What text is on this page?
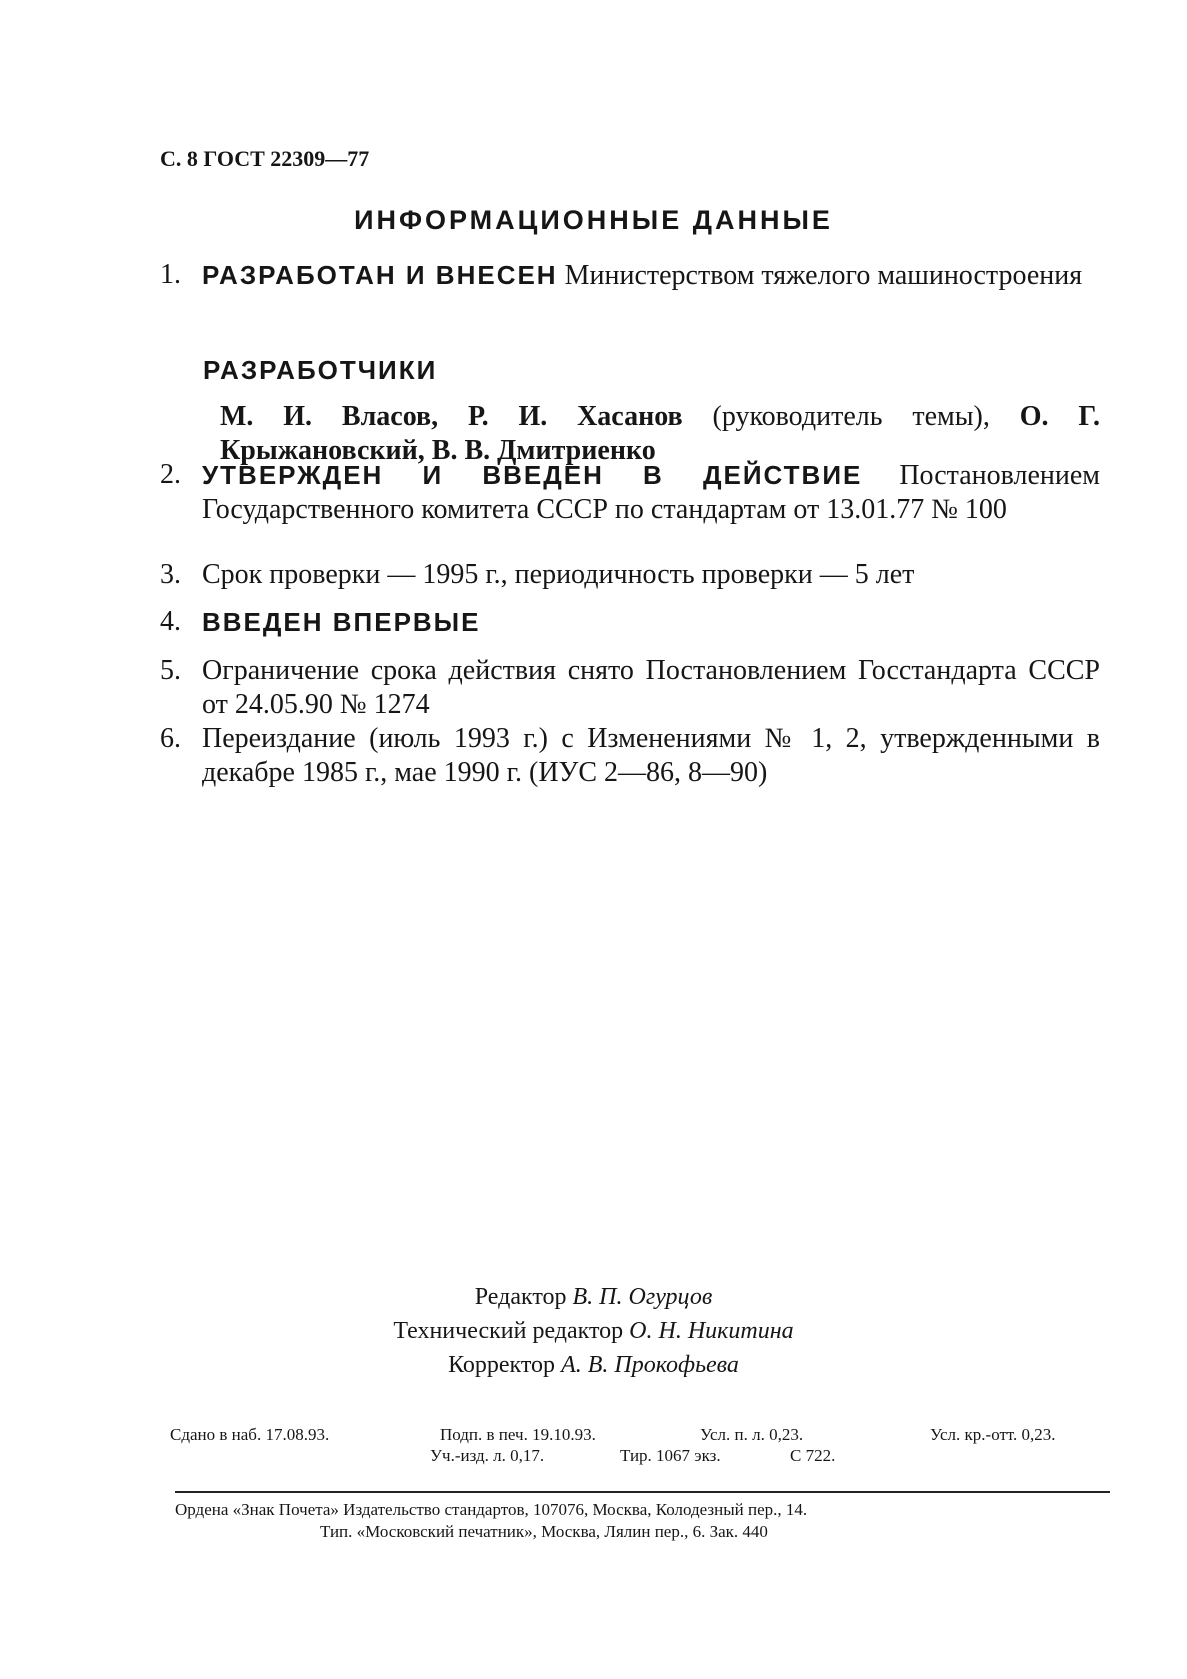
С. 8 ГОСТ 22309—77
ИНФОРМАЦИОННЫЕ ДАННЫЕ
1. РАЗРАБОТАН И ВНЕСЕН Министерством тяжелого машиностроения
РАЗРАБОТЧИКИ
М. И. Власов, Р. И. Хасанов (руководитель темы), О. Г. Крыжановский, В. В. Дмитриенко
2. УТВЕРЖДЕН И ВВЕДЕН В ДЕЙСТВИЕ Постановлением Государственного комитета СССР по стандартам от 13.01.77 № 100
3. Срок проверки — 1995 г., периодичность проверки — 5 лет
4. ВВЕДЕН ВПЕРВЫЕ
5. Ограничение срока действия снято Постановлением Госстандарта СССР от 24.05.90 № 1274
6. Переиздание (июль 1993 г.) с Изменениями № 1, 2, утвержденными в декабре 1985 г., мае 1990 г. (ИУС 2—86, 8—90)
Редактор В. П. Огурцов
Технический редактор О. Н. Никитина
Корректор А. В. Прокофьева
Сдано в наб. 17.08.93.	Подп. в печ. 19.10.93.	Усл. п. л. 0,23.	Усл. кр.-отт. 0,23.
Уч.-изд. л. 0,17.	Тир. 1067 экз.	С 722.
Ордена «Знак Почета» Издательство стандартов, 107076, Москва, Колодезный пер., 14.
Тип. «Московский печатник», Москва, Лялин пер., 6. Зак. 440
